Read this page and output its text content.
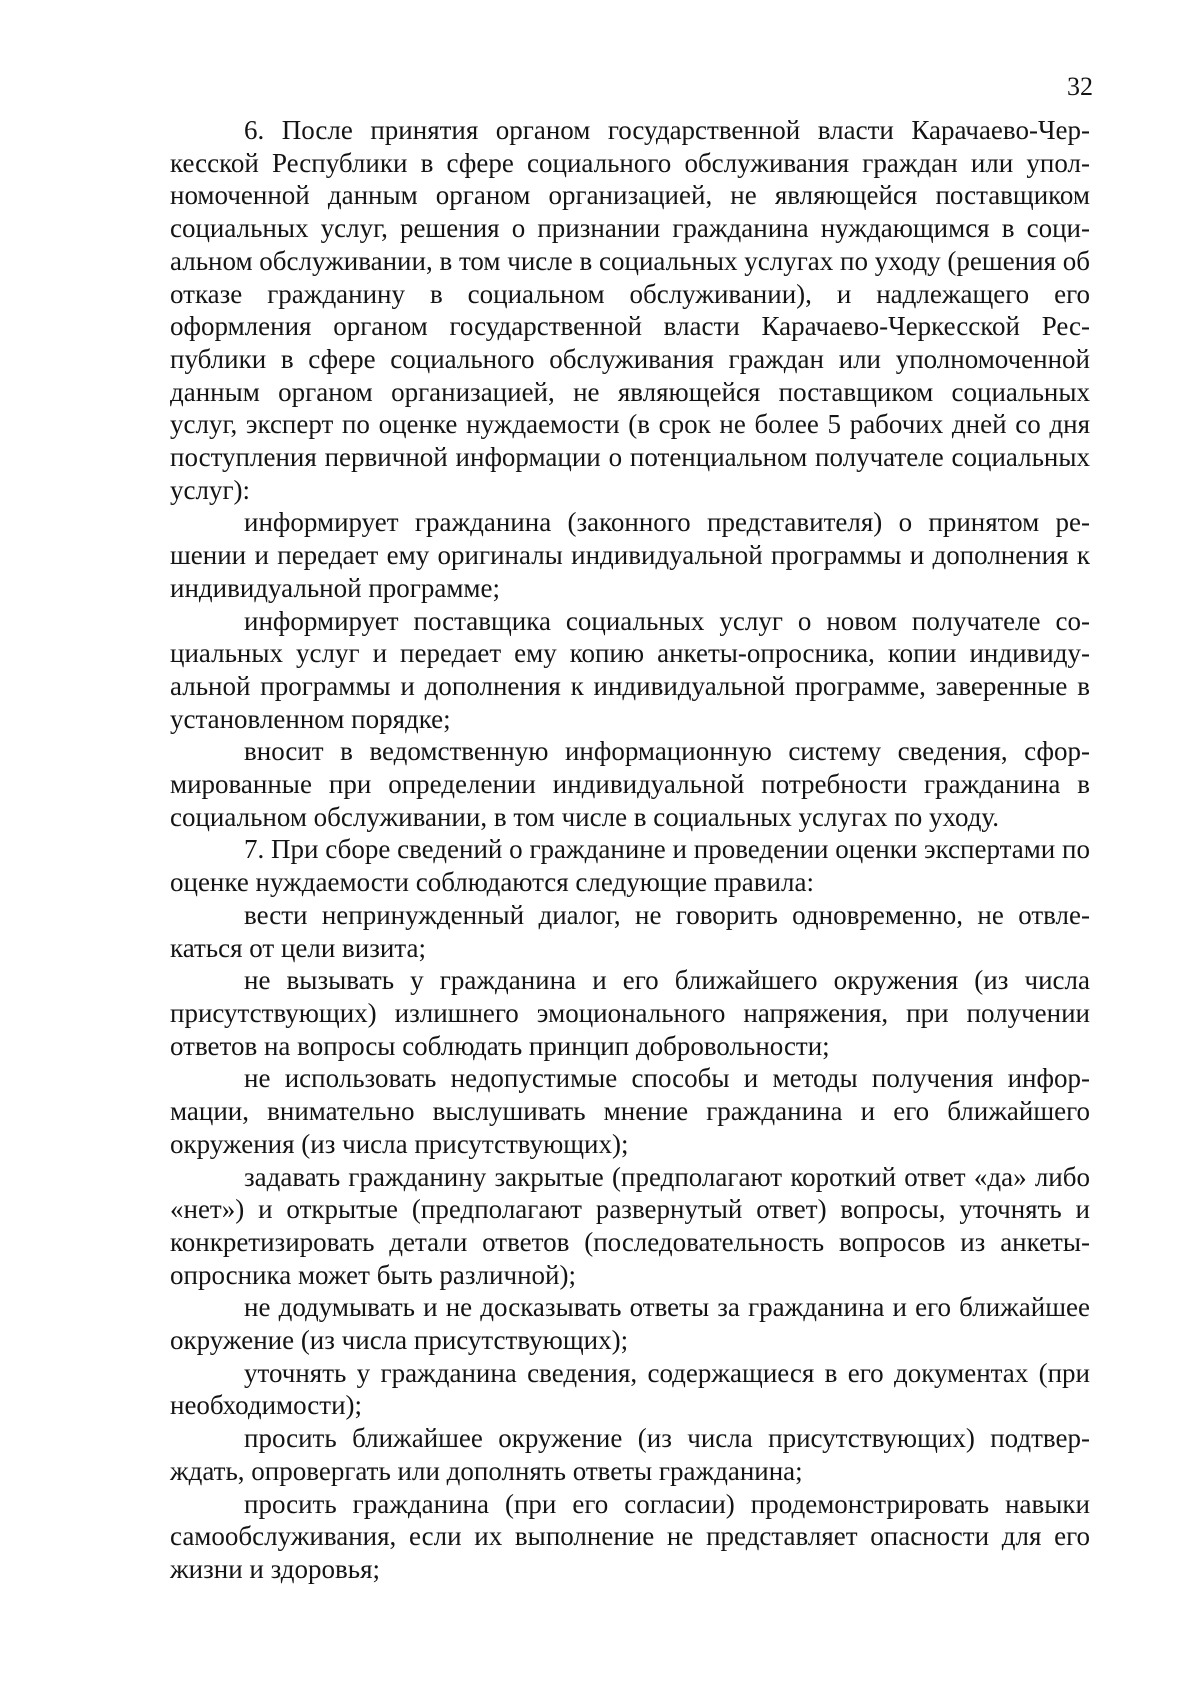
32

6. После принятия органом государственной власти Карачаево-Черкесской Республики в сфере социального обслуживания граждан или уполномоченной данным органом организацией, не являющейся поставщиком социальных услуг, решения о признании гражданина нуждающимся в социальном обслуживании, в том числе в социальных услугах по уходу (решения об отказе гражданину в социальном обслуживании), и надлежащего его оформления органом государственной власти Карачаево-Черкесской Республики в сфере социального обслуживания граждан или уполномоченной данным органом организацией, не являющейся поставщиком социальных услуг, эксперт по оценке нуждаемости (в срок не более 5 рабочих дней со дня поступления первичной информации о потенциальном получателе социальных услуг):

информирует гражданина (законного представителя) о принятом решении и передает ему оригиналы индивидуальной программы и дополнения к индивидуальной программе;

информирует поставщика социальных услуг о новом получателе социальных услуг и передает ему копию анкеты-опросника, копии индивидуальной программы и дополнения к индивидуальной программе, заверенные в установленном порядке;

вносит в ведомственную информационную систему сведения, сформированные при определении индивидуальной потребности гражданина в социальном обслуживании, в том числе в социальных услугах по уходу.

7. При сборе сведений о гражданине и проведении оценки экспертами по оценке нуждаемости соблюдаются следующие правила:

вести непринужденный диалог, не говорить одновременно, не отвлекаться от цели визита;

не вызывать у гражданина и его ближайшего окружения (из числа присутствующих) излишнего эмоционального напряжения, при получении ответов на вопросы соблюдать принцип добровольности;

не использовать недопустимые способы и методы получения информации, внимательно выслушивать мнение гражданина и его ближайшего окружения (из числа присутствующих);

задавать гражданину закрытые (предполагают короткий ответ «да» либо «нет») и открытые (предполагают развернутый ответ) вопросы, уточнять и конкретизировать детали ответов (последовательность вопросов из анкеты-опросника может быть различной);

не додумывать и не досказывать ответы за гражданина и его ближайшее окружение (из числа присутствующих);

уточнять у гражданина сведения, содержащиеся в его документах (при необходимости);

просить ближайшее окружение (из числа присутствующих) подтверждать, опровергать или дополнять ответы гражданина;

просить гражданина (при его согласии) продемонстрировать навыки самообслуживания, если их выполнение не представляет опасности для его жизни и здоровья;
